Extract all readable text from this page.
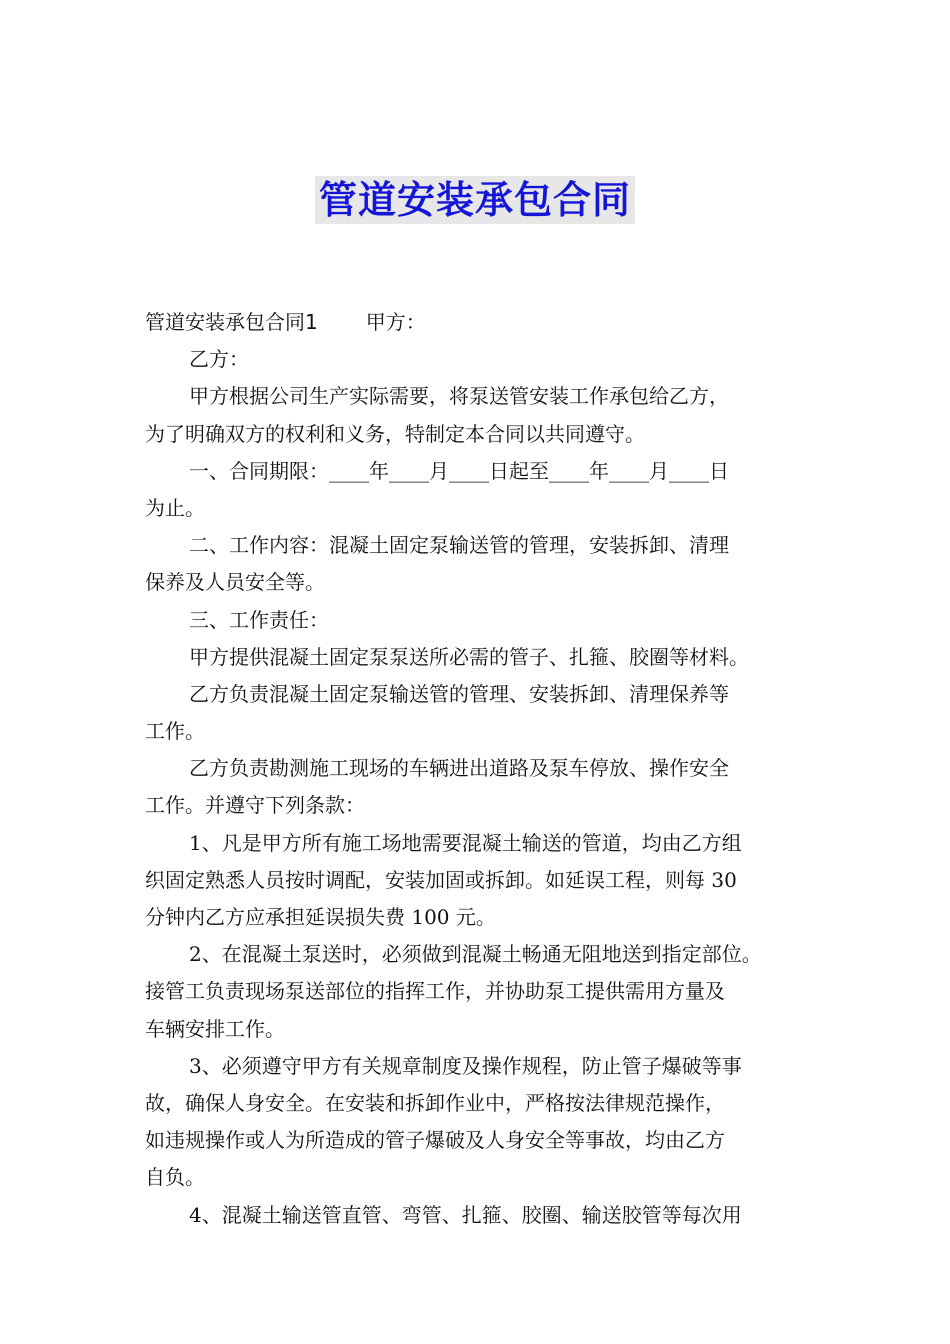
管道安装承包合同
管道安装承包合同1 甲方：
乙方：
甲方根据公司生产实际需要，将泵送管安装工作承包给乙方，
为了明确双方的权利和义务，特制定本合同以共同遵守。
一、合同期限：____年____月____日起至____年____月____日
为止。
二、工作内容：混凝土固定泵输送管的管理，安装拆卸、清理
保养及人员安全等。
三、工作责任：
甲方提供混凝土固定泵泵送所必需的管子、扎箍、胶圈等材料。
乙方负责混凝土固定泵输送管的管理、安装拆卸、清理保养等
工作。
乙方负责勘测施工现场的车辆进出道路及泵车停放、操作安全
工作。并遵守下列条款：
1、凡是甲方所有施工场地需要混凝土输送的管道，均由乙方组
织固定熟悉人员按时调配，安装加固或拆卸。如延误工程，则每 30
分钟内乙方应承担延误损失费 100 元。
2、在混凝土泵送时，必须做到混凝土畅通无阻地送到指定部位。
接管工负责现场泵送部位的指挥工作，并协助泵工提供需用方量及
车辆安排工作。
3、必须遵守甲方有关规章制度及操作规程，防止管子爆破等事
故，确保人身安全。在安装和拆卸作业中，严格按法律规范操作，
如违规操作或人为所造成的管子爆破及人身安全等事故，均由乙方
自负。
4、混凝土输送管直管、弯管、扎箍、胶圈、输送胶管等每次用
